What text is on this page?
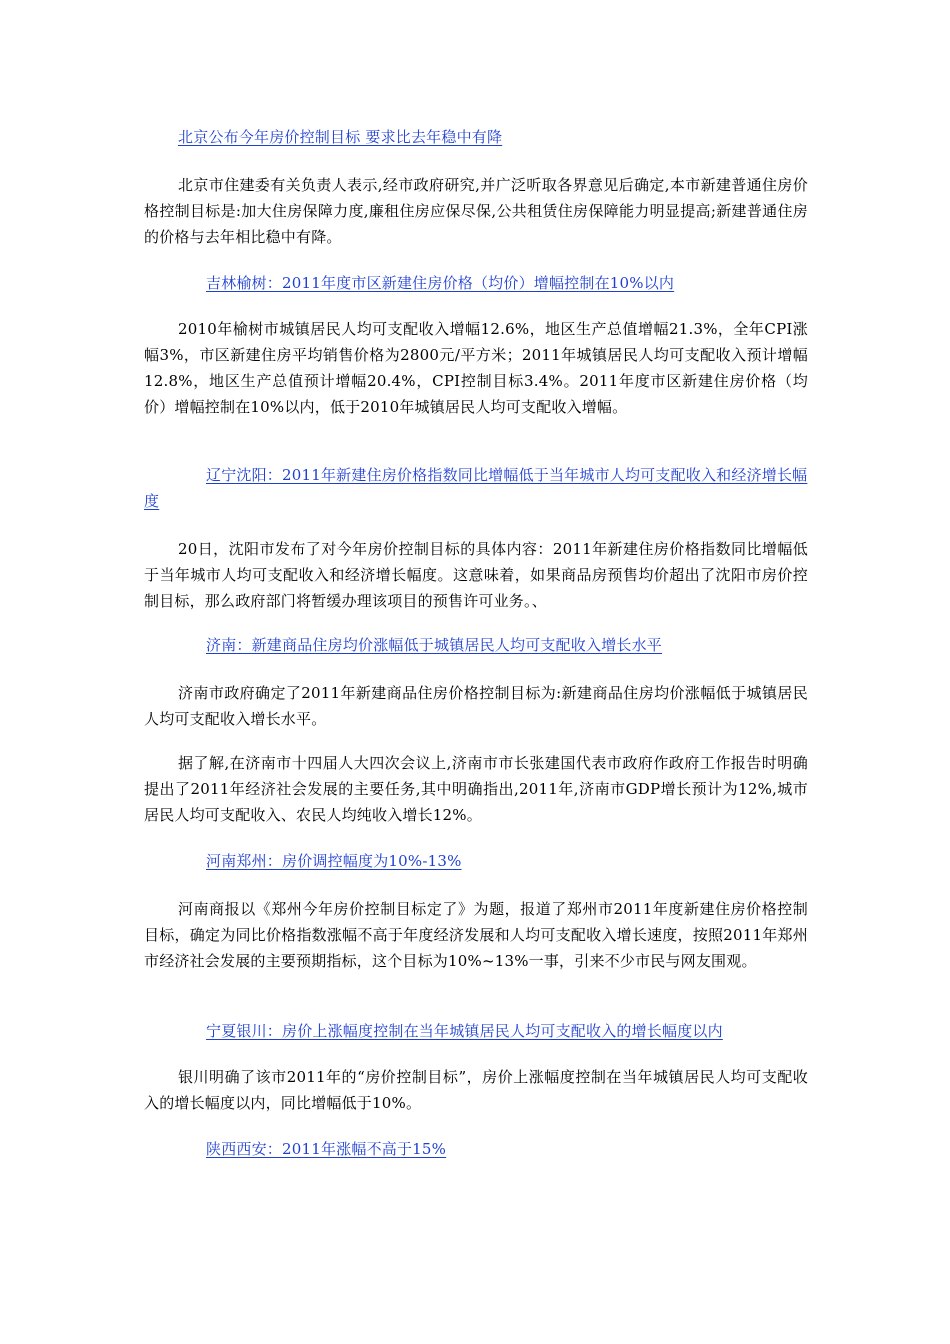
北京公布今年房价控制目标 要求比去年稳中有降
北京市住建委有关负责人表示,经市政府研究,并广泛听取各界意见后确定,本市新建普通住房价格控制目标是:加大住房保障力度,廉租住房应保尽保,公共租赁住房保障能力明显提高;新建普通住房的价格与去年相比稳中有降。
吉林榆树：2011年度市区新建住房价格（均价）增幅控制在10%以内
2010年榆树市城镇居民人均可支配收入增幅12.6%，地区生产总值增幅21.3%，全年CPI涨幅3%，市区新建住房平均销售价格为2800元/平方米；2011年城镇居民人均可支配收入预计增幅12.8%，地区生产总值预计增幅20.4%，CPI控制目标3.4%。2011年度市区新建住房价格（均价）增幅控制在10%以内，低于2010年城镇居民人均可支配收入增幅。
辽宁沈阳：2011年新建住房价格指数同比增幅低于当年城市人均可支配收入和经济增长幅度
20日，沈阳市发布了对今年房价控制目标的具体内容：2011年新建住房价格指数同比增幅低于当年城市人均可支配收入和经济增长幅度。这意味着，如果商品房预售均价超出了沈阳市房价控制目标，那么政府部门将暂缓办理该项目的预售许可业务。、
济南：新建商品住房均价涨幅低于城镇居民人均可支配收入增长水平
济南市政府确定了2011年新建商品住房价格控制目标为:新建商品住房均价涨幅低于城镇居民人均可支配收入增长水平。
据了解,在济南市十四届人大四次会议上,济南市市长张建国代表市政府作政府工作报告时明确提出了2011年经济社会发展的主要任务,其中明确指出,2011年,济南市GDP增长预计为12%,城市居民人均可支配收入、农民人均纯收入增长12%。
河南郑州：房价调控幅度为10%-13%
河南商报以《郑州今年房价控制目标定了》为题，报道了郑州市2011年度新建住房价格控制目标，确定为同比价格指数涨幅不高于年度经济发展和人均可支配收入增长速度，按照2011年郑州市经济社会发展的主要预期指标，这个目标为10%~13%一事，引来不少市民与网友围观。
宁夏银川：房价上涨幅度控制在当年城镇居民人均可支配收入的增长幅度以内
银川明确了该市2011年的“房价控制目标”，房价上涨幅度控制在当年城镇居民人均可支配收入的增长幅度以内，同比增幅低于10%。
陕西西安：2011年涨幅不高于15%
